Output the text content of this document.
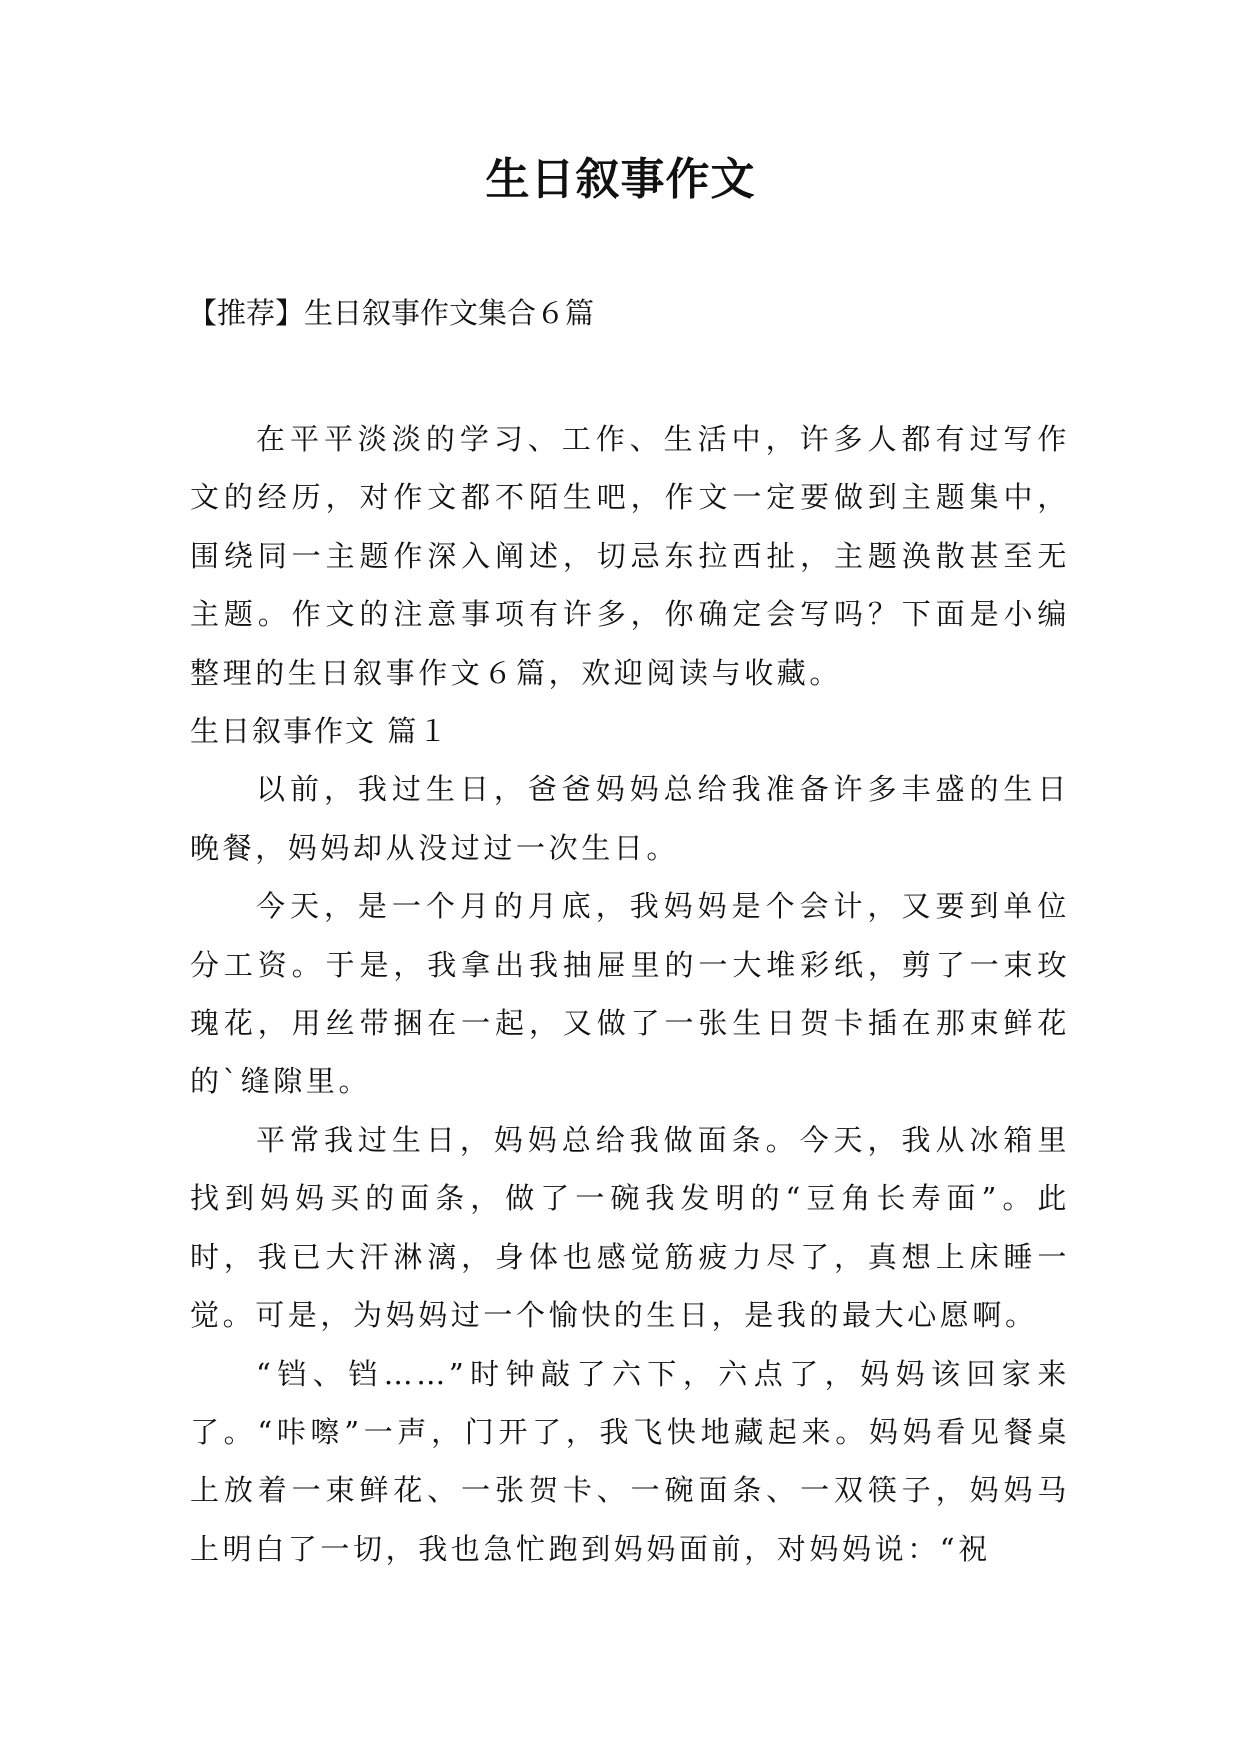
生日叙事作文
【推荐】生日叙事作文集合６篇

在平平淡淡的学习、工作、生活中，许多人都有过写作文的经历，对作文都不陌生吧，作文一定要做到主题集中，围绕同一主题作深入阐述，切忌东拉西扯，主题涣散甚至无主题。作文的注意事项有许多，你确定会写吗？下面是小编整理的生日叙事作文６篇，欢迎阅读与收藏。

生日叙事作文 篇１

以前，我过生日，爸爸妈妈总给我准备许多丰盛的生日晚餐，妈妈却从没过过一次生日。

今天，是一个月的月底，我妈妈是个会计，又要到单位分工资。于是，我拿出我抽屉里的一大堆彩纸，剪了一束玫瑰花，用丝带捆在一起，又做了一张生日贺卡插在那束鲜花的`缝隙里。

平常我过生日，妈妈总给我做面条。今天，我从冰箱里找到妈妈买的面条，做了一碗我发明的“豆角长寿面”。此时，我已大汗淋漓，身体也感觉筋疲力尽了，真想上床睡一觉。可是，为妈妈过一个愉快的生日，是我的最大心愿啊。

“铛、铛……”时钟敲了六下，六点了，妈妈该回家来了。“咔嚓”一声，门开了，我飞快地藏起来。妈妈看见餐桌上放着一束鲜花、一张贺卡、一碗面条、一双筷子，妈妈马上明白了一切，我也急忙跑到妈妈面前，对妈妈说：“祝
